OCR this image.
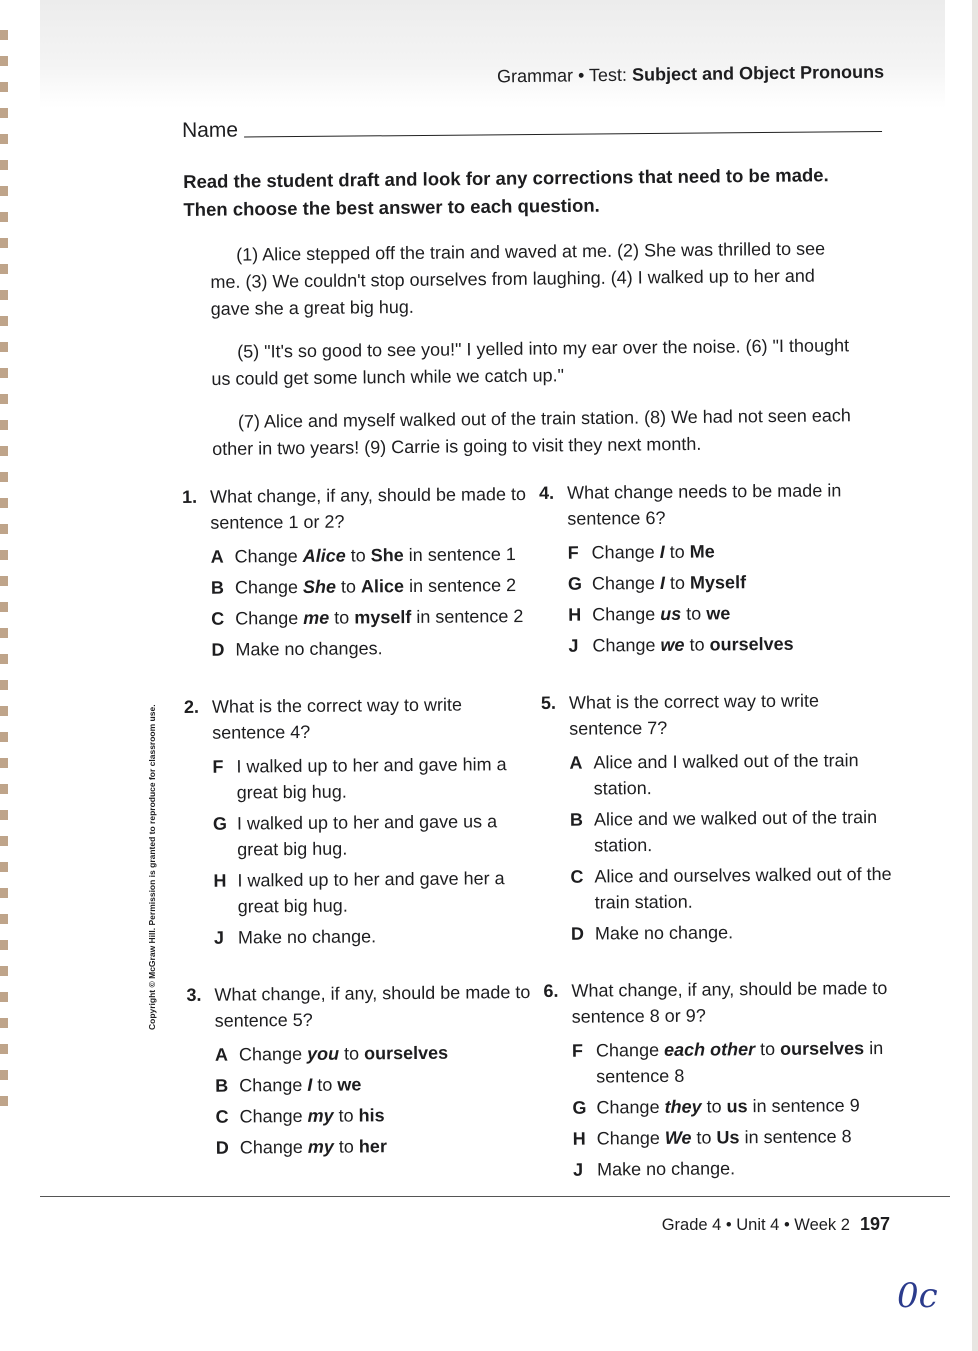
Grammar • Test: Subject and Object Pronouns
Name
Read the student draft and look for any corrections that need to be made.
Then choose the best answer to each question.

(1) Alice stepped off the train and waved at me. (2) She was thrilled to see me. (3) We couldn't stop ourselves from laughing. (4) I walked up to her and gave she a great big hug.

(5) "It's so good to see you!" I yelled into my ear over the noise. (6) "I thought us could get some lunch while we catch up."

(7) Alice and myself walked out of the train station. (8) We had not seen each other in two years! (9) Carrie is going to visit they next month.

1. What change, if any, should be made to sentence 1 or 2?
A Change Alice to She in sentence 1
B Change She to Alice in sentence 2
C Change me to myself in sentence 2
D Make no changes.
2. What is the correct way to write sentence 4?
F I walked up to her and gave him a great big hug.
G I walked up to her and gave us a great big hug.
H I walked up to her and gave her a great big hug.
J Make no change.
3. What change, if any, should be made to sentence 5?
A Change you to ourselves
B Change I to we
C Change my to his
D Change my to her
4. What change needs to be made in sentence 6?
F Change I to Me
G Change I to Myself
H Change us to we
J Change we to ourselves
5. What is the correct way to write sentence 7?
A Alice and I walked out of the train station.
B Alice and we walked out of the train station.
C Alice and ourselves walked out of the train station.
D Make no change.
6. What change, if any, should be made to sentence 8 or 9?
F Change each other to ourselves in sentence 8
G Change they to us in sentence 9
H Change We to Us in sentence 8
J Make no change.
Copyright © McGraw Hill. Permission is granted to reproduce for classroom use.
Grade 4 • Unit 4 • Week 2 197
0c
